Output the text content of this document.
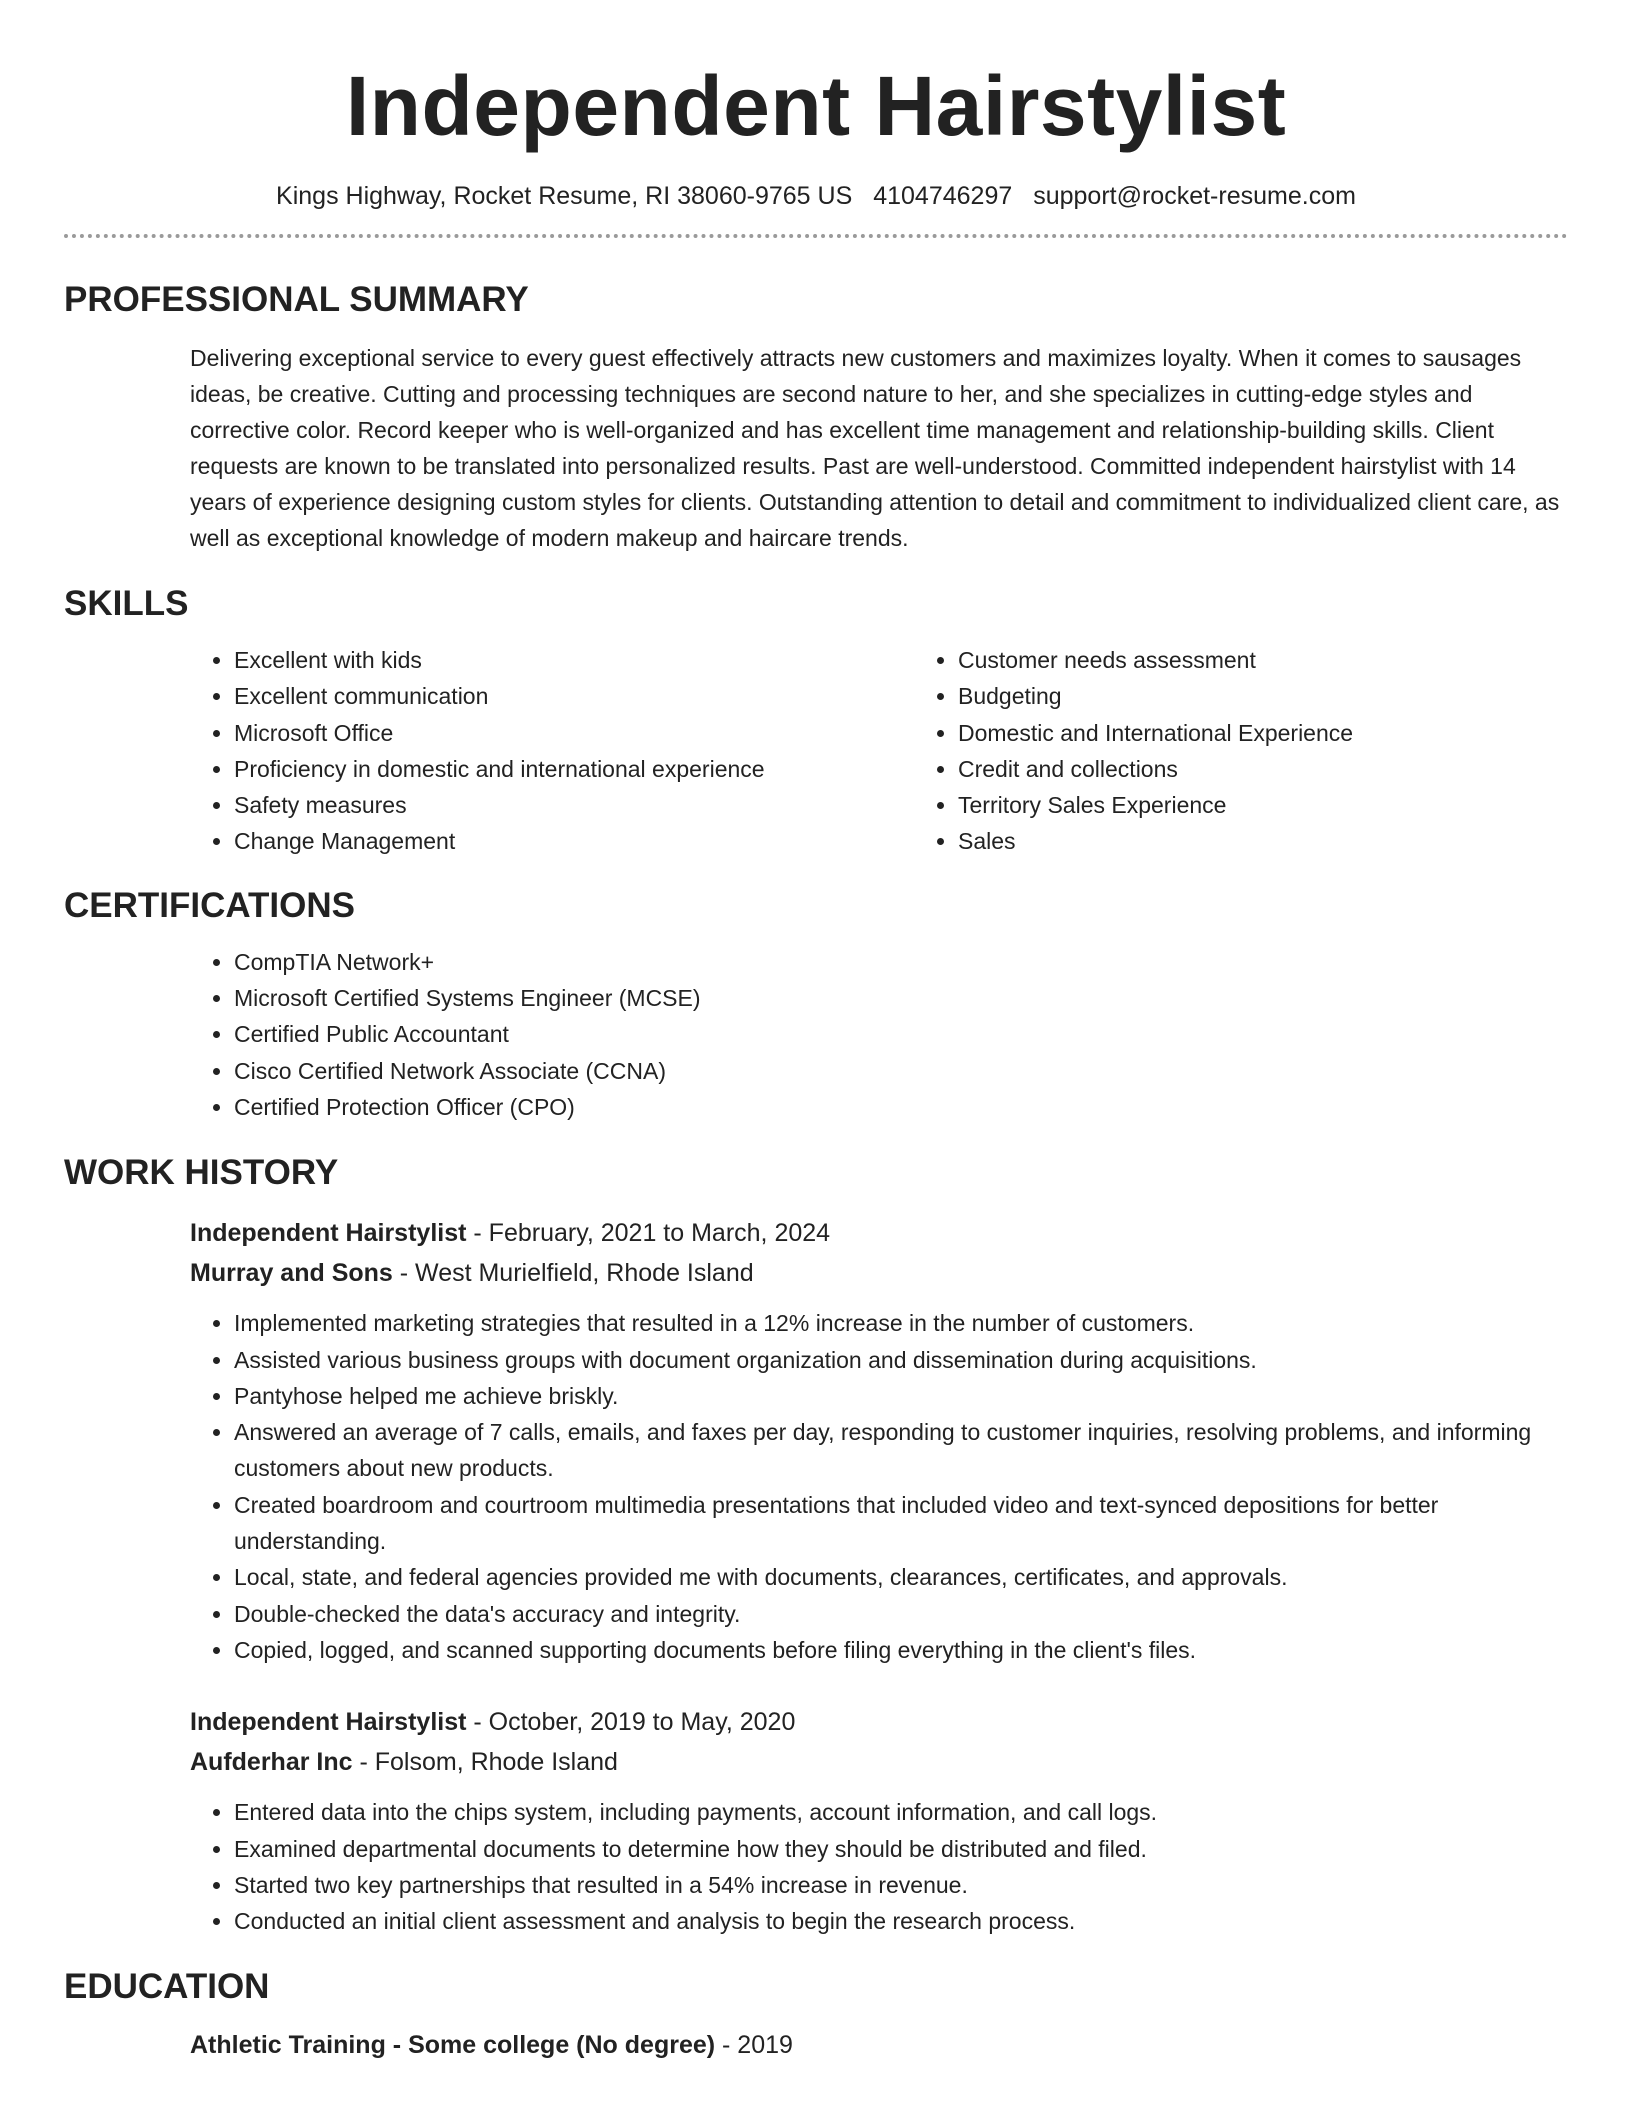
Independent Hairstylist
Kings Highway, Rocket Resume, RI 38060-9765 US 4104746297 support@rocket-resume.com
PROFESSIONAL SUMMARY
Delivering exceptional service to every guest effectively attracts new customers and maximizes loyalty. When it comes to sausages ideas, be creative. Cutting and processing techniques are second nature to her, and she specializes in cutting-edge styles and corrective color. Record keeper who is well-organized and has excellent time management and relationship-building skills. Client requests are known to be translated into personalized results. Past are well-understood. Committed independent hairstylist with 14 years of experience designing custom styles for clients. Outstanding attention to detail and commitment to individualized client care, as well as exceptional knowledge of modern makeup and haircare trends.
SKILLS
• Excellent with kids
• Excellent communication
• Microsoft Office
• Proficiency in domestic and international experience
• Safety measures
• Change Management
• Customer needs assessment
• Budgeting
• Domestic and International Experience
• Credit and collections
• Territory Sales Experience
• Sales
CERTIFICATIONS
• CompTIA Network+
• Microsoft Certified Systems Engineer (MCSE)
• Certified Public Accountant
• Cisco Certified Network Associate (CCNA)
• Certified Protection Officer (CPO)
WORK HISTORY
Independent Hairstylist - February, 2021 to March, 2024
Murray and Sons - West Murielfield, Rhode Island
• Implemented marketing strategies that resulted in a 12% increase in the number of customers.
• Assisted various business groups with document organization and dissemination during acquisitions.
• Pantyhose helped me achieve briskly.
• Answered an average of 7 calls, emails, and faxes per day, responding to customer inquiries, resolving problems, and informing customers about new products.
• Created boardroom and courtroom multimedia presentations that included video and text-synced depositions for better understanding.
• Local, state, and federal agencies provided me with documents, clearances, certificates, and approvals.
• Double-checked the data's accuracy and integrity.
• Copied, logged, and scanned supporting documents before filing everything in the client's files.
Independent Hairstylist - October, 2019 to May, 2020
Aufderhar Inc - Folsom, Rhode Island
• Entered data into the chips system, including payments, account information, and call logs.
• Examined departmental documents to determine how they should be distributed and filed.
• Started two key partnerships that resulted in a 54% increase in revenue.
• Conducted an initial client assessment and analysis to begin the research process.
EDUCATION
Athletic Training - Some college (No degree) - 2019
